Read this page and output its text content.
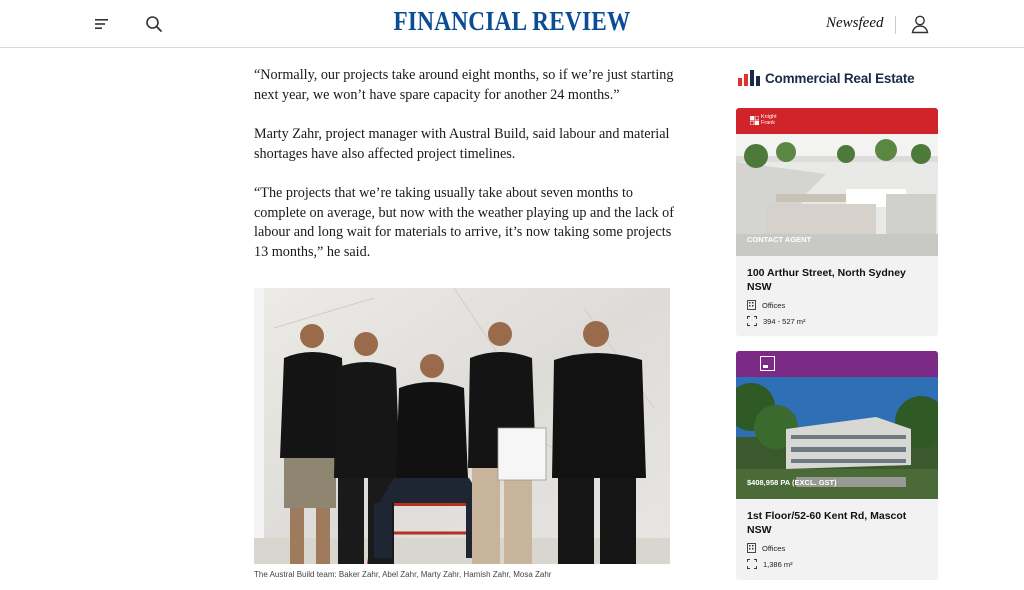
FINANCIAL REVIEW	Newsfeed

“Normally, our projects take around eight months, so if we’re just starting next year, we won’t have spare capacity for another 24 months.”

Marty Zahr, project manager with Austral Build, said labour and material shortages have also affected project timelines.

“The projects that we’re taking usually take about seven months to complete on average, but now with the weather playing up and the lack of labour and long wait for materials to arrive, it’s now taking some projects 13 months,” he said.

The Austral Build team: Baker Zahr, Abel Zahr, Marty Zahr, Hamish Zahr, Mosa Zahr
Commercial Real Estate
Knight
Frank
CONTACT AGENT
100 Arthur Street, North Sydney NSW
Offices
394 - 527 m²
$408,958 PA (EXCL. GST)
1st Floor/52-60 Kent Rd, Mascot NSW
Offices
1,386 m²
